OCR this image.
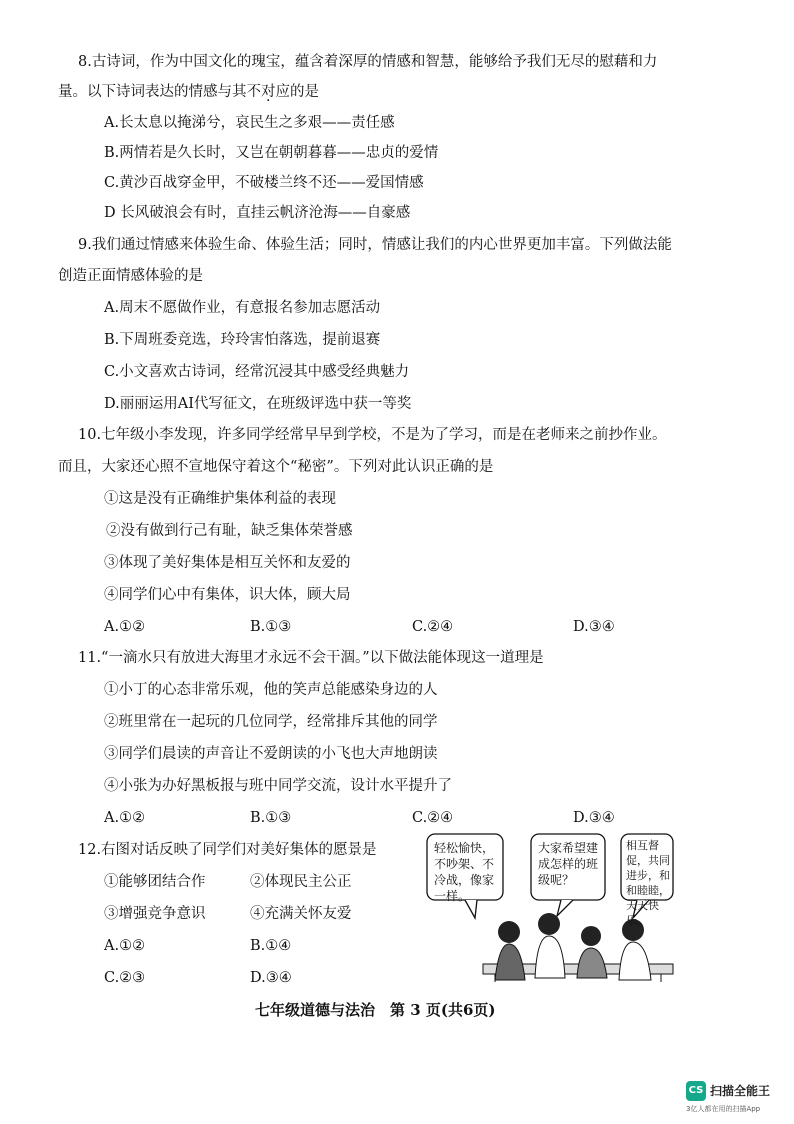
8.古诗词，作为中国文化的瑰宝，蕴含着深厚的情感和智慧，能够给予我们无尽的慰藉和力
量。以下诗词表达的情感与其不对应的是
A.长太息以掩涕兮，哀民生之多艰——责任感
B.两情若是久长时，又岂在朝朝暮暮——忠贞的爱情
C.黄沙百战穿金甲，不破楼兰终不还——爱国情感
D 长风破浪会有时，直挂云帆济沧海——自豪感
9.我们通过情感来体验生命、体验生活；同时，情感让我们的内心世界更加丰富。下列做法能
创造正面情感体验的是
A.周末不愿做作业，有意报名参加志愿活动
B.下周班委竞选，玲玲害怕落选，提前退赛
C.小文喜欢古诗词，经常沉浸其中感受经典魅力
D.丽丽运用AI代写征文，在班级评选中获一等奖
10.七年级小李发现，许多同学经常早早到学校，不是为了学习，而是在老师来之前抄作业。
而且，大家还心照不宣地保守着这个“秘密”。下列对此认识正确的是
①这是没有正确维护集体利益的表现
②没有做到行己有耻，缺乏集体荣誉感
③体现了美好集体是相互关怀和友爱的
④同学们心中有集体，识大体，顾大局
A.①②	B.①③	C.②④	D.③④
11.“一滴水只有放进大海里才永远不会干涸。”以下做法能体现这一道理是
①小丁的心态非常乐观，他的笑声总能感染身边的人
②班里常在一起玩的几位同学，经常排斥其他的同学
③同学们晨读的声音让不爱朗读的小飞也大声地朗读
④小张为办好黑板报与班中同学交流，设计水平提升了
A.①②	B.①③	C.②④	D.③④
12.右图对话反映了同学们对美好集体的愿景是
①能够团结合作	②体现民主公正
③增强竞争意识	④充满关怀友爱
A.①②	B.①④
C.②③	D.③④
轻松愉快，不吵架、不冷战，像家一样。
大家希望建成怎样的班级呢？
相互督促，共同进步，和和睦睦，天天快乐。
七年级道德与法治　第 3 页(共6页)
CS 扫描全能王
3亿人都在用的扫描App
